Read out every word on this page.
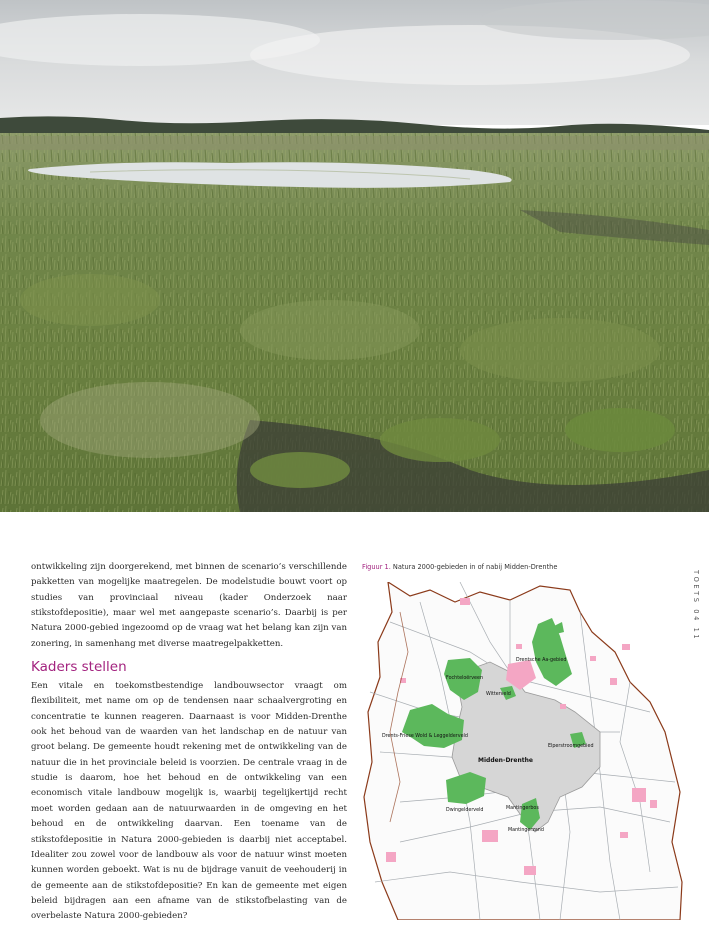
ontwikkeling zijn doorgerekend, met binnen de scenario’s verschillende pakketten van mogelijke maatregelen. De modelstudie bouwt voort op studies van provinciaal niveau (kader Onderzoek naar stikstofdepositie), maar wel met aangepaste scenario’s. Daarbij is per Natura 2000-gebied ingezoomd op de vraag wat het belang kan zijn van zonering, in samenhang met diverse maatregelpakketten.

Kaders stellen

Een vitale en toekomstbestendige landbouwsector vraagt om flexibiliteit, met name om op de tendensen naar schaalvergroting en concentratie te kunnen reageren. Daarnaast is voor Midden-Drenthe ook het behoud van de waarden van het landschap en de natuur van groot belang. De gemeente houdt rekening met de ontwikkeling van de natuur die in het provinciale beleid is voorzien. De centrale vraag in de studie is daarom, hoe het behoud en de ontwikkeling van een economisch vitale landbouw mogelijk is, waarbij tegelijkertijd recht moet worden gedaan aan de natuurwaarden in de omgeving en het behoud en de ontwikkeling daarvan. Een toename van de stikstofdepositie in Natura 2000-gebieden is daarbij niet acceptabel. Idealiter zou zowel voor de landbouw als voor de natuur winst moeten kunnen worden geboekt. Wat is nu de bijdrage vanuit de veehouderij in de gemeente aan de stikstofdepositie? En kan de gemeente met eigen beleid bijdragen aan een afname van de stikstofbelasting van de overbelaste Natura 2000-gebieden?

Figuur 1. Natura 2000-gebieden in of nabij Midden-Drenthe
Fochteloërveen
Drentsche Aa-gebied
Witterveld
Drents-Friese Wold & Leggelderveld
Midden-Drenthe
Elperstroomgebied
Dwingelderveld	Mantingerbos
Mantingerzand
TOETS 04 11
